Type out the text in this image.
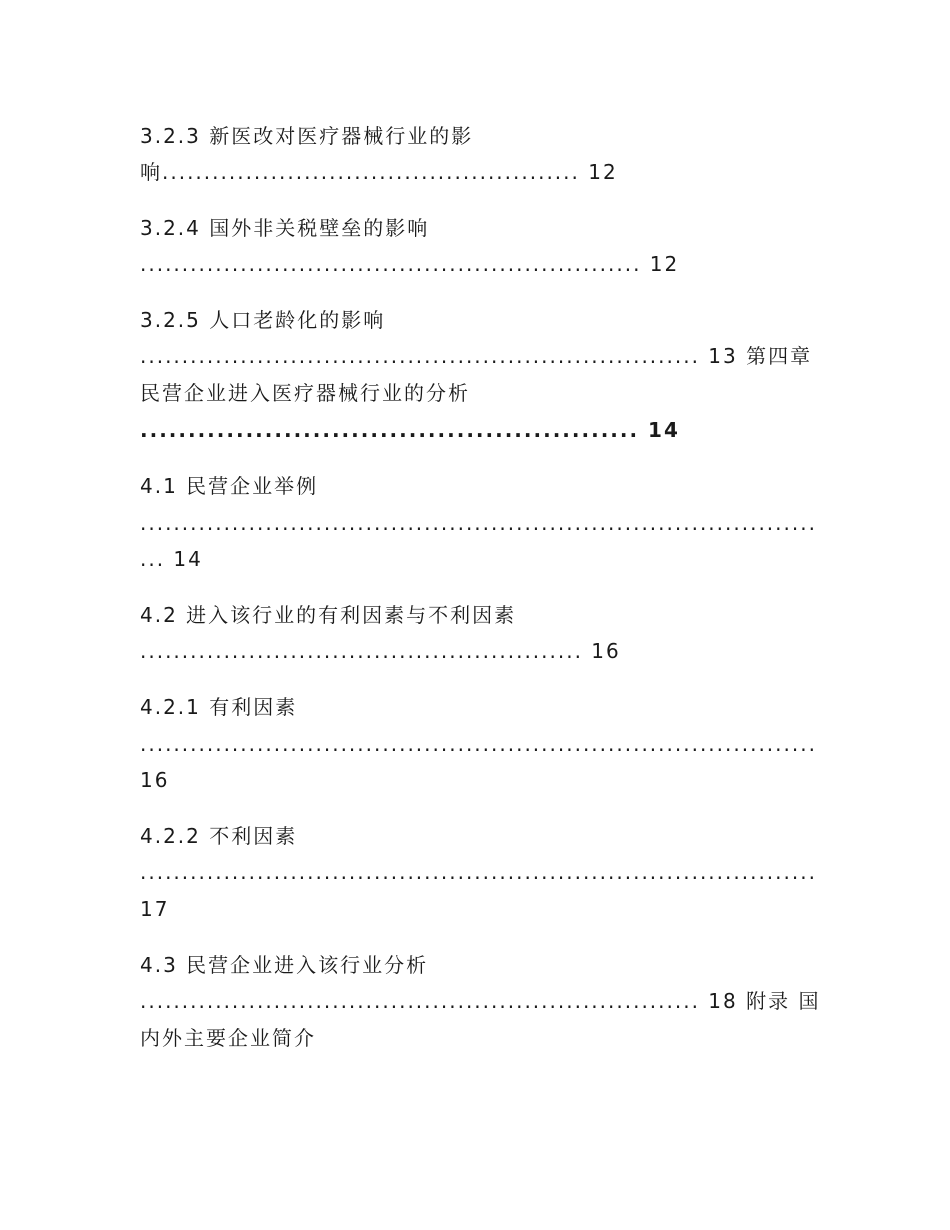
3.2.3 新医改对医疗器械行业的影
响.................................................. 12
3.2.4 国外非关税壁垒的影响
............................................................ 12
3.2.5 人口老龄化的影响
................................................................... 13 第四章
民营企业进入医疗器械行业的分析
.................................................... 14
4.1 民营企业举例
.................................................................................
... 14
4.2 进入该行业的有利因素与不利因素
..................................................... 16
4.2.1 有利因素
.................................................................................
16
4.2.2 不利因素
.................................................................................
17
4.3 民营企业进入该行业分析
................................................................... 18 附录 国
内外主要企业简介
